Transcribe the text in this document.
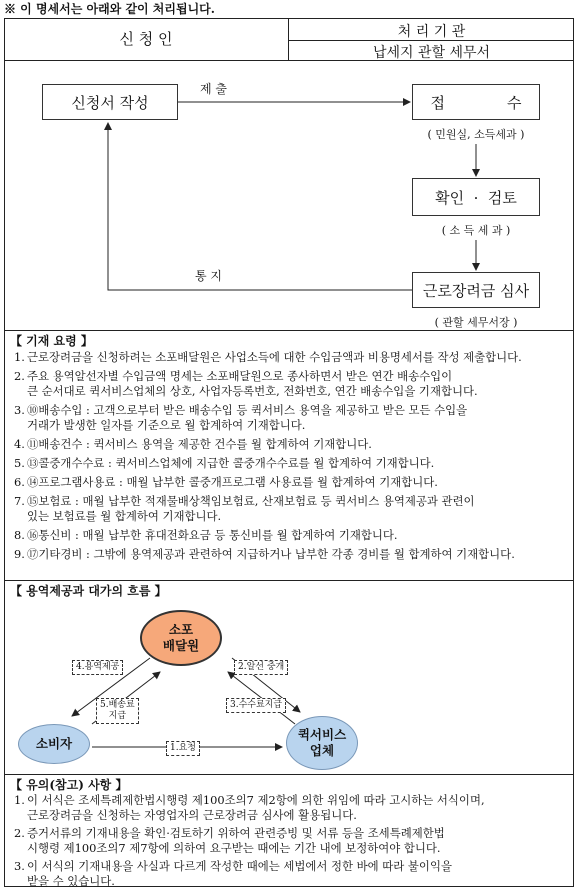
※ 이 명세서는 아래와 같이 처리됩니다.
신 청 인	처 리 기 관
납세지 관할 세무서
신청서 작성	접             수
( 민원실, 소득세과 )
확인  ·  검토
( 소 득 세 과 )
근로장려금 심사
( 관할 세무서장 )
제 출
통 지
【 기재 요령 】
1. 근로장려금을 신청하려는 소포배달원은 사업소득에 대한 수입금액과 비용명세서를 작성 제출합니다.
2. 주요 용역알선자별 수입금액 명세는 소포배달원으로 종사하면서 받은 연간 배송수입이
큰 순서대로 퀵서비스업체의 상호, 사업자등록번호, 전화번호, 연간 배송수입을 기재합니다.
3. ⑩배송수입 : 고객으로부터 받은 배송수입 등 퀵서비스 용역을 제공하고 받은 모든 수입을
거래가 발생한 일자를 기준으로 월 합계하여 기재합니다.
4. ⑪배송건수 : 퀵서비스 용역을 제공한 건수를 월 합계하여 기재합니다.
5. ⑬콜중개수수료 : 퀵서비스업체에 지급한 콜중개수수료를 월 합계하여 기재합니다.
6. ⑭프로그램사용료 : 매월 납부한 콜중개프로그램 사용료를 월 합계하여 기재합니다.
7. ⑮보험료 : 매월 납부한 적재물배상책임보험료, 산재보험료 등 퀵서비스 용역제공과 관련이
있는 보험료를 월 합계하여 기재합니다.
8. ⑯통신비 : 매월 납부한 휴대전화요금 등 통신비를 월 합계하여 기재합니다.
9. ⑰기타경비 : 그밖에 용역제공과 관련하여 지급하거나 납부한 각종 경비를 월 합계하여 기재합니다.
【 용역제공과 대가의 흐름 】
소포
배달원
소비자
퀵서비스
업체
4.용역제공	2.알선 중개
5.배송료
지급
3.수수료지급
1.요청
【 유의(참고) 사항 】
1. 이 서식은 조세특례제한법시행령 제100조의7 제2항에 의한 위임에 따라 고시하는 서식이며,
근로장려금을 신청하는 자영업자의 근로장려금 심사에 활용됩니다.
2. 증거서류의 기재내용을 확인·검토하기 위하여 관련증빙 및 서류 등을 조세특례제한법
시행령 제100조의7 제7항에 의하여 요구받는 때에는 기간 내에 보정하여야 합니다.
3. 이 서식의 기재내용을 사실과 다르게 작성한 때에는 세법에서 정한 바에 따라 불이익을
받을 수 있습니다.
